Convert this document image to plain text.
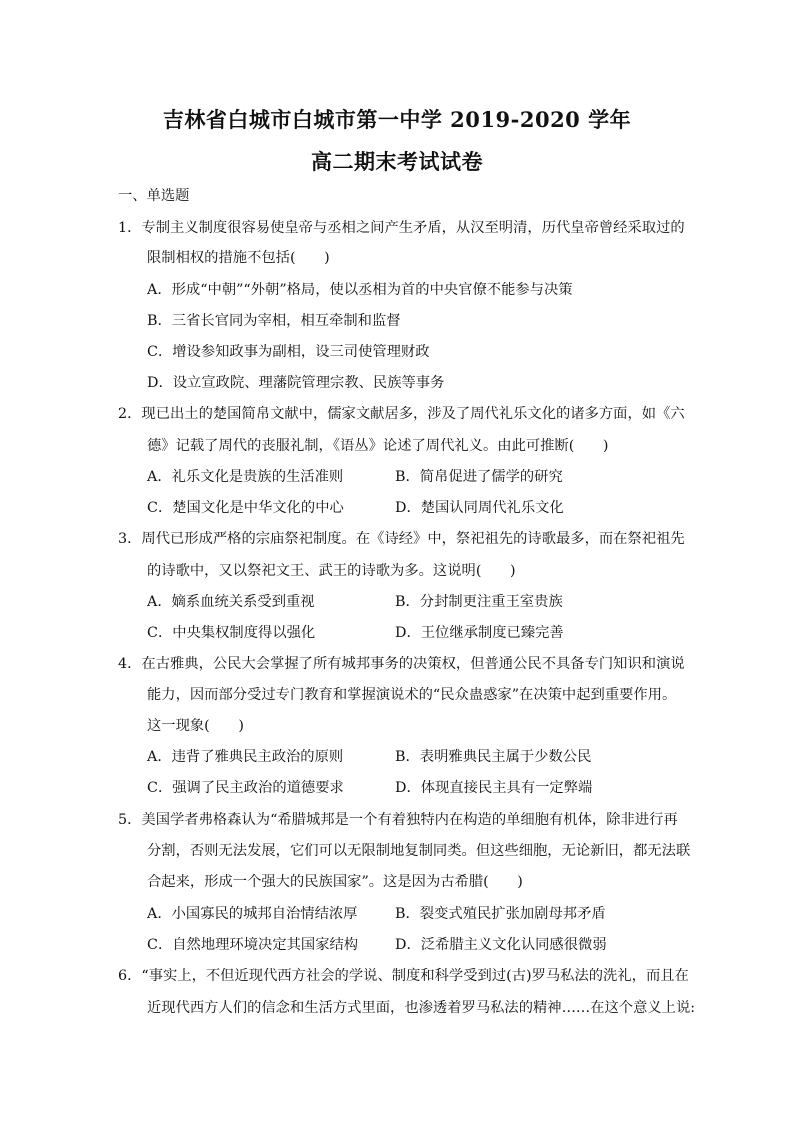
吉林省白城市白城市第一中学 2019-2020 学年
高二期末考试试卷
一、单选题
1．专制主义制度很容易使皇帝与丞相之间产生矛盾，从汉至明清，历代皇帝曾经采取过的
限制相权的措施不包括(　　)
A．形成“中朝”“外朝”格局，使以丞相为首的中央官僚不能参与决策
B．三省长官同为宰相，相互牵制和监督
C．增设参知政事为副相，设三司使管理财政
D．设立宣政院、理藩院管理宗教、民族等事务
2．现已出土的楚国简帛文献中，儒家文献居多，涉及了周代礼乐文化的诸多方面，如《六
德》记载了周代的丧服礼制，《语丛》论述了周代礼义。由此可推断(　　)
A．礼乐文化是贵族的生活准则	B．简帛促进了儒学的研究
C．楚国文化是中华文化的中心	D．楚国认同周代礼乐文化
3．周代已形成严格的宗庙祭祀制度。在《诗经》中，祭祀祖先的诗歌最多，而在祭祀祖先
的诗歌中，又以祭祀文王、武王的诗歌为多。这说明(　　)
A．嫡系血统关系受到重视	B．分封制更注重王室贵族
C．中央集权制度得以强化	D．王位继承制度已臻完善
4．在古雅典，公民大会掌握了所有城邦事务的决策权，但普通公民不具备专门知识和演说
能力，因而部分受过专门教育和掌握演说术的“民众蛊惑家”在决策中起到重要作用。
这一现象(　　)
A．违背了雅典民主政治的原则	B．表明雅典民主属于少数公民
C．强调了民主政治的道德要求	D．体现直接民主具有一定弊端
5．美国学者弗格森认为“希腊城邦是一个有着独特内在构造的单细胞有机体，除非进行再
分割，否则无法发展，它们可以无限制地复制同类。但这些细胞，无论新旧，都无法联
合起来，形成一个强大的民族国家”。这是因为古希腊(　　)
A．小国寡民的城邦自治情结浓厚	B．裂变式殖民扩张加剧母邦矛盾
C．自然地理环境决定其国家结构	D．泛希腊主义文化认同感很微弱
6．“事实上，不但近现代西方社会的学说、制度和科学受到过(古)罗马私法的洗礼，而且在
近现代西方人们的信念和生活方式里面，也渗透着罗马私法的精神……在这个意义上说:
